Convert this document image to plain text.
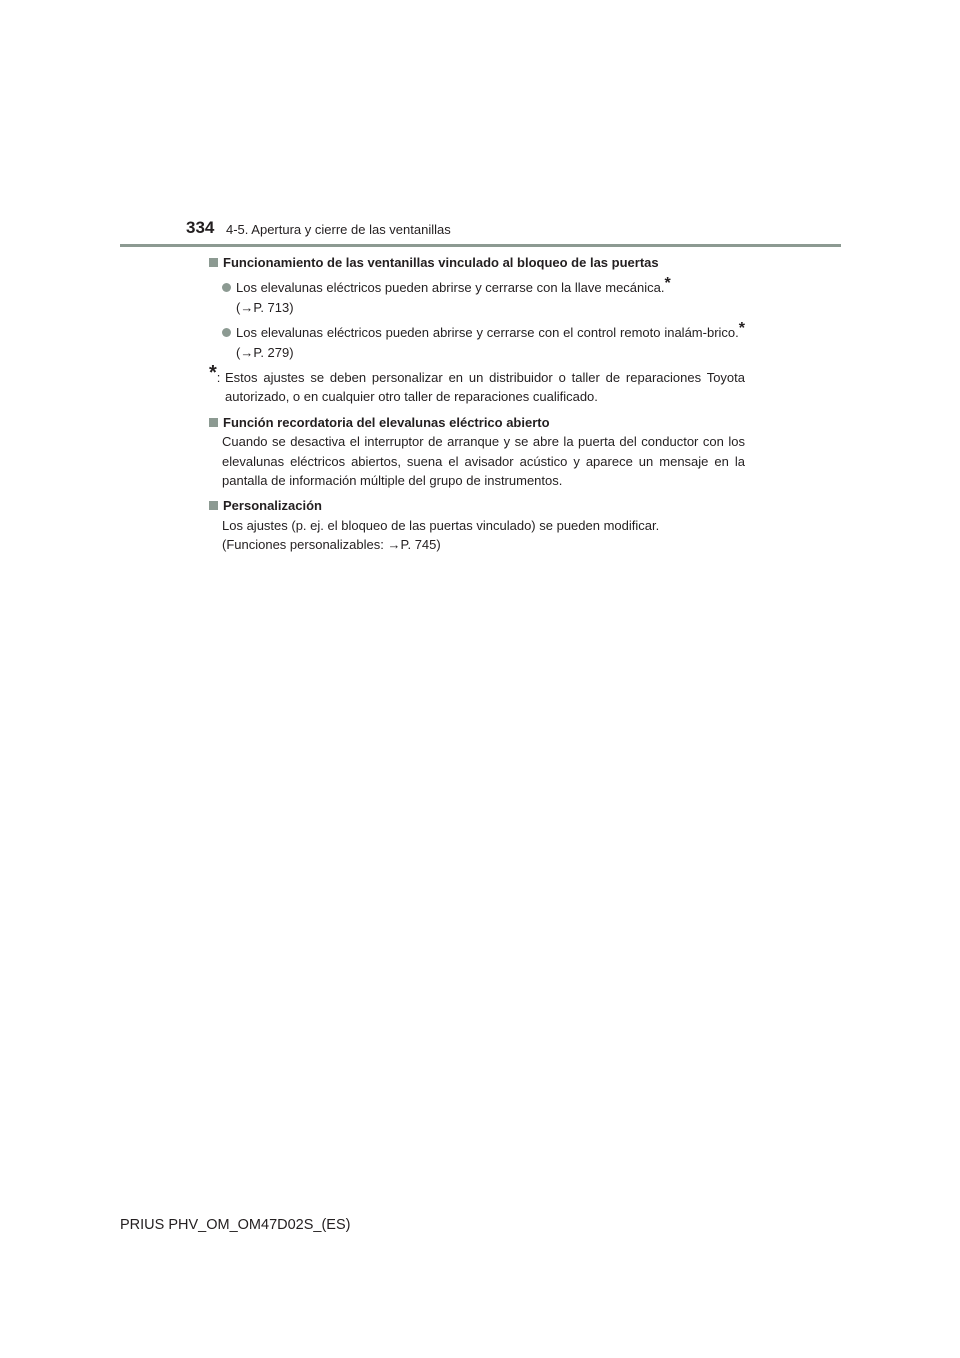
334 4-5. Apertura y cierre de las ventanillas
Funcionamiento de las ventanillas vinculado al bloqueo de las puertas
Los elevalunas eléctricos pueden abrirse y cerrarse con la llave mecánica.*
(→P. 713)
Los elevalunas eléctricos pueden abrirse y cerrarse con el control remoto inalám-brico.* (→P. 279)
*: Estos ajustes se deben personalizar en un distribuidor o taller de reparaciones Toyota autorizado, o en cualquier otro taller de reparaciones cualificado.
Función recordatoria del elevalunas eléctrico abierto
Cuando se desactiva el interruptor de arranque y se abre la puerta del conductor con los elevalunas eléctricos abiertos, suena el avisador acústico y aparece un mensaje en la pantalla de información múltiple del grupo de instrumentos.
Personalización
Los ajustes (p. ej. el bloqueo de las puertas vinculado) se pueden modificar.
(Funciones personalizables: →P. 745)
PRIUS PHV_OM_OM47D02S_(ES)
